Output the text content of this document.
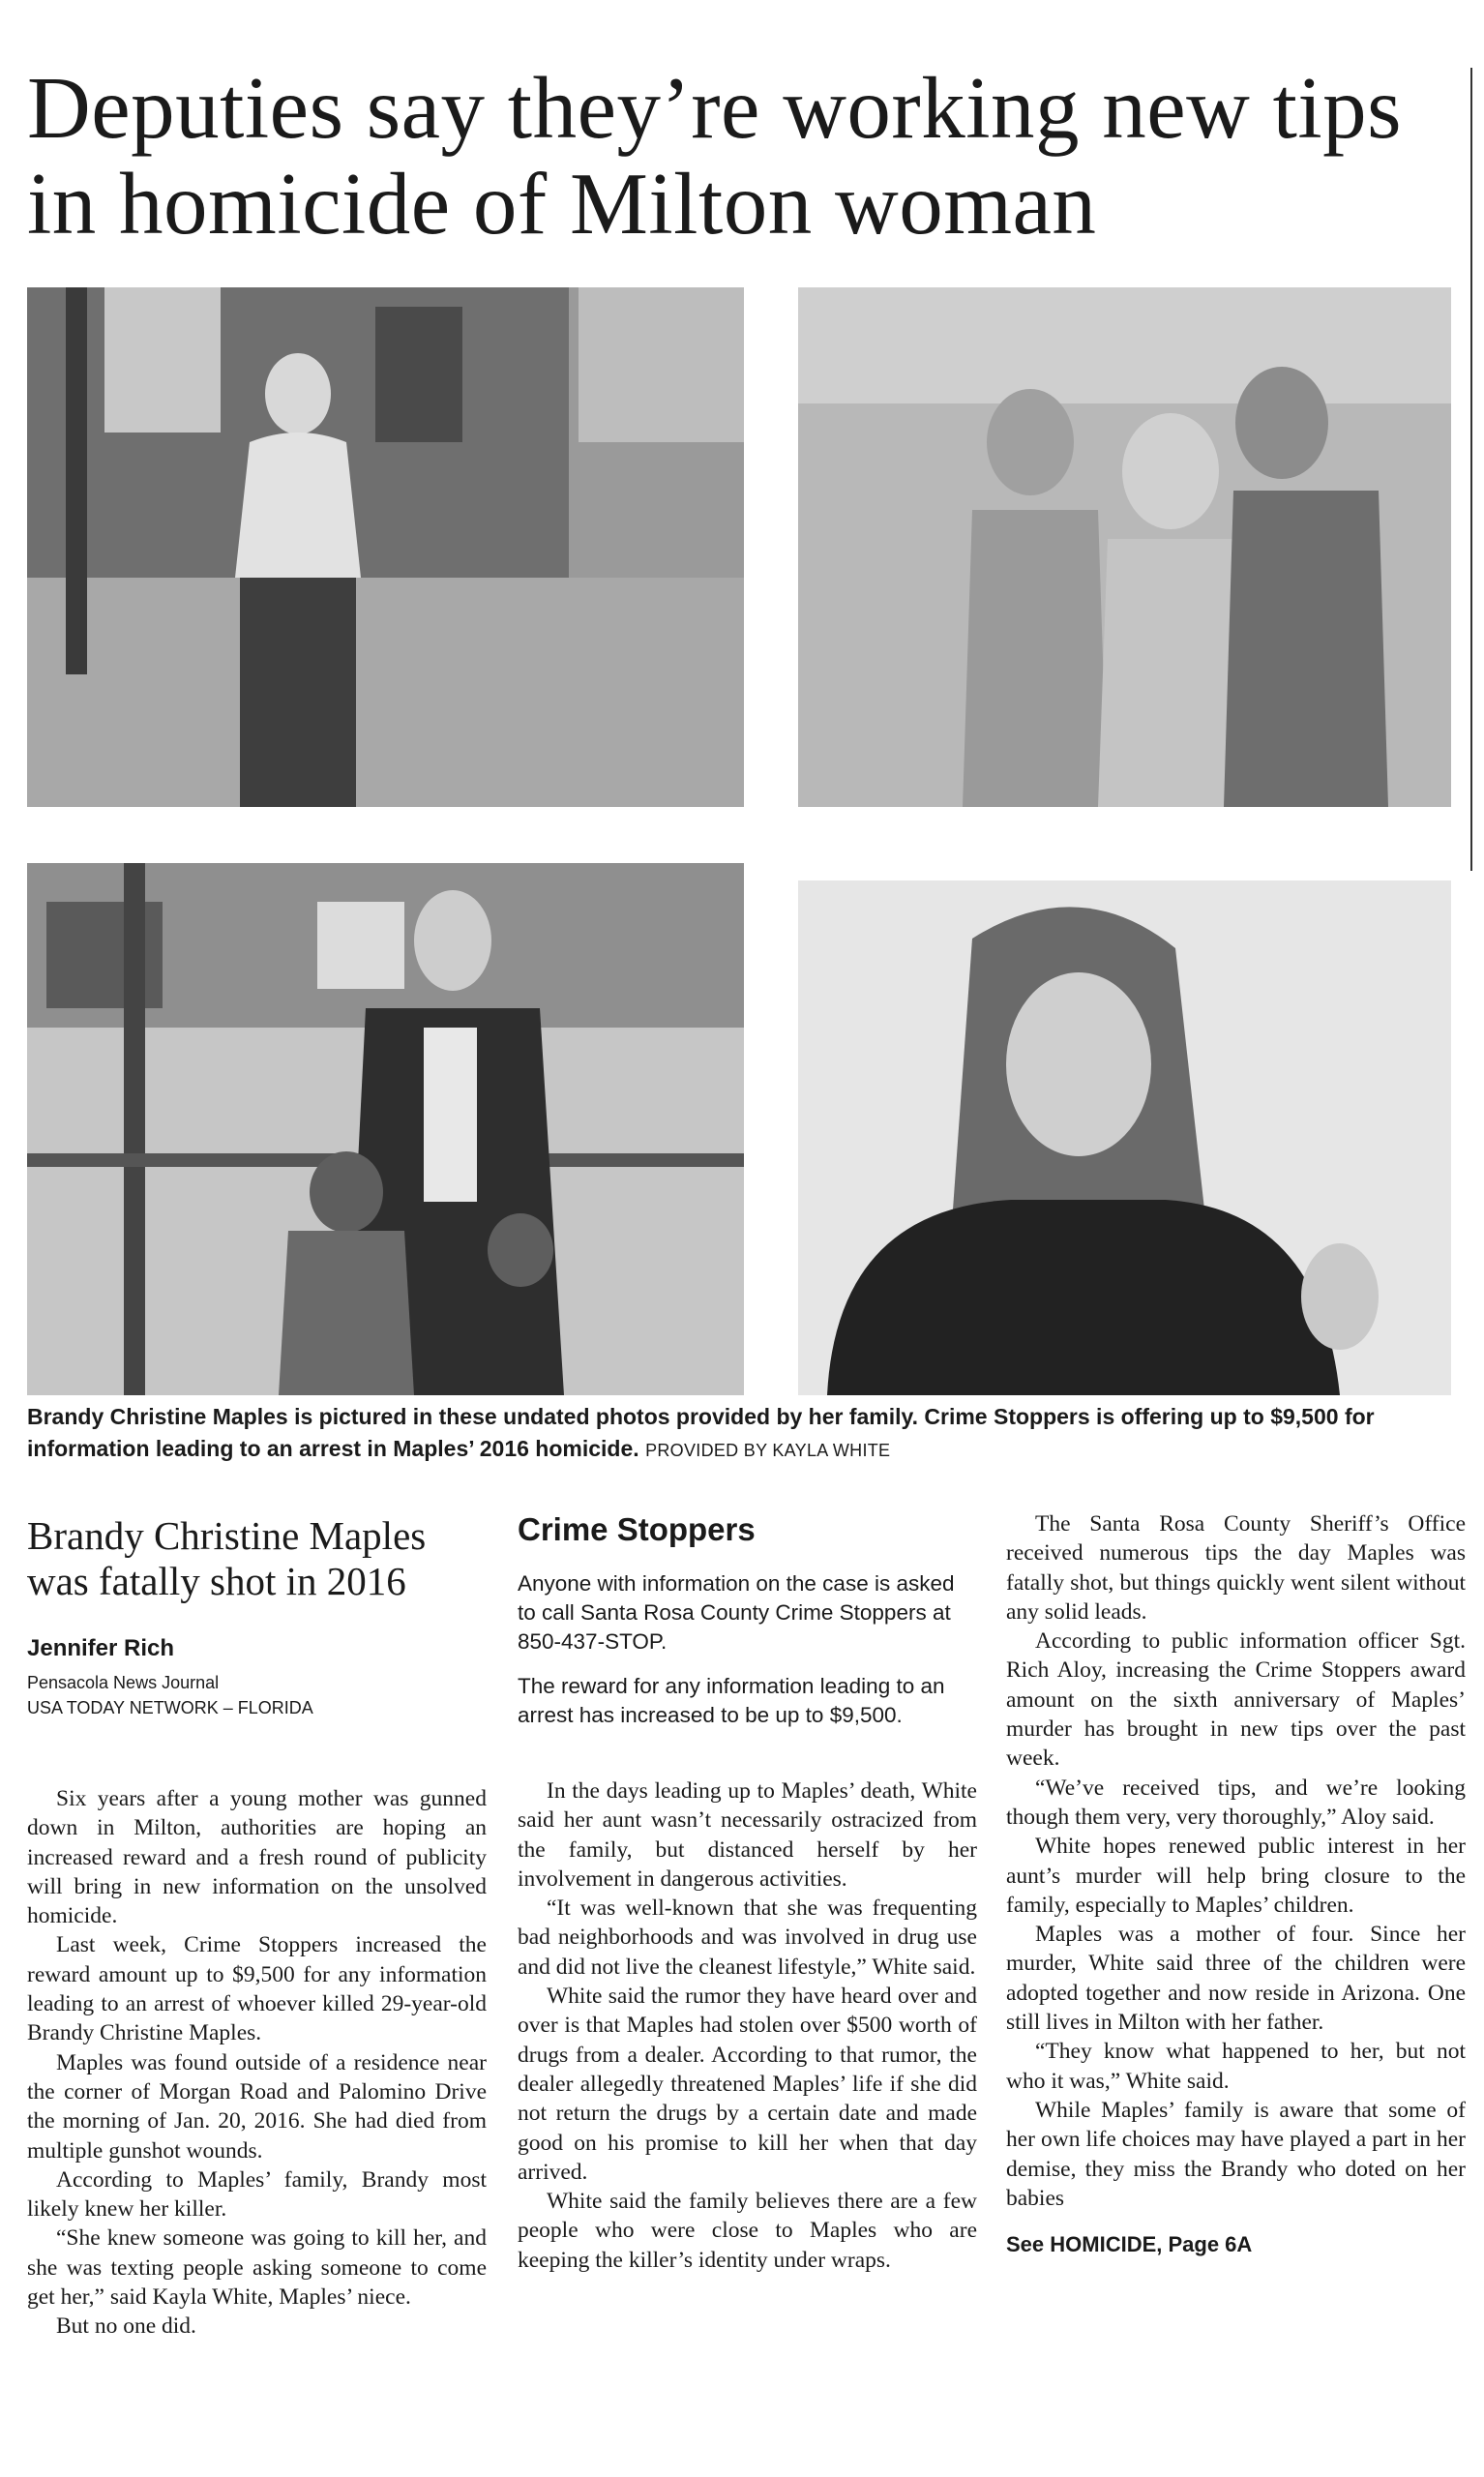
Deputies say they’re working new tips in homicide of Milton woman
Brandy Christine Maples is pictured in these undated photos provided by her family. Crime Stoppers is offering up to $9,500 for information leading to an arrest in Maples’ 2016 homicide. PROVIDED BY KAYLA WHITE
Brandy Christine Maples was fatally shot in 2016

Jennifer Rich

Pensacola News Journal

USA TODAY NETWORK – FLORIDA

Six years after a young mother was gunned down in Milton, authorities are hoping an increased reward and a fresh round of publicity will bring in new information on the unsolved homicide.

Last week, Crime Stoppers increased the reward amount up to $9,500 for any information leading to an arrest of whoever killed 29-year-old Brandy Christine Maples.

Maples was found outside of a residence near the corner of Morgan Road and Palomino Drive the morning of Jan. 20, 2016. She had died from multiple gunshot wounds.

According to Maples’ family, Brandy most likely knew her killer.

“She knew someone was going to kill her, and she was texting people asking someone to come get her,” said Kayla White, Maples’ niece.

But no one did.

Crime Stoppers

Anyone with information on the case is asked to call Santa Rosa County Crime Stoppers at 850-437-STOP.

The reward for any information leading to an arrest has increased to be up to $9,500.

In the days leading up to Maples’ death, White said her aunt wasn’t necessarily ostracized from the family, but distanced herself by her involvement in dangerous activities.

“It was well-known that she was frequenting bad neighborhoods and was involved in drug use and did not live the cleanest lifestyle,” White said.

White said the rumor they have heard over and over is that Maples had stolen over $500 worth of drugs from a dealer. According to that rumor, the dealer allegedly threatened Maples’ life if she did not return the drugs by a certain date and made good on his promise to kill her when that day arrived.

White said the family believes there are a few people who were close to Maples who are keeping the killer’s identity under wraps.

The Santa Rosa County Sheriff’s Office received numerous tips the day Maples was fatally shot, but things quickly went silent without any solid leads.

According to public information officer Sgt. Rich Aloy, increasing the Crime Stoppers award amount on the sixth anniversary of Maples’ murder has brought in new tips over the past week.

“We’ve received tips, and we’re looking though them very, very thoroughly,” Aloy said.

White hopes renewed public interest in her aunt’s murder will help bring closure to the family, especially to Maples’ children.

Maples was a mother of four. Since her murder, White said three of the children were adopted together and now reside in Arizona. One still lives in Milton with her father.

“They know what happened to her, but not who it was,” White said.

While Maples’ family is aware that some of her own life choices may have played a part in her demise, they miss the Brandy who doted on her babies

See HOMICIDE, Page 6A
